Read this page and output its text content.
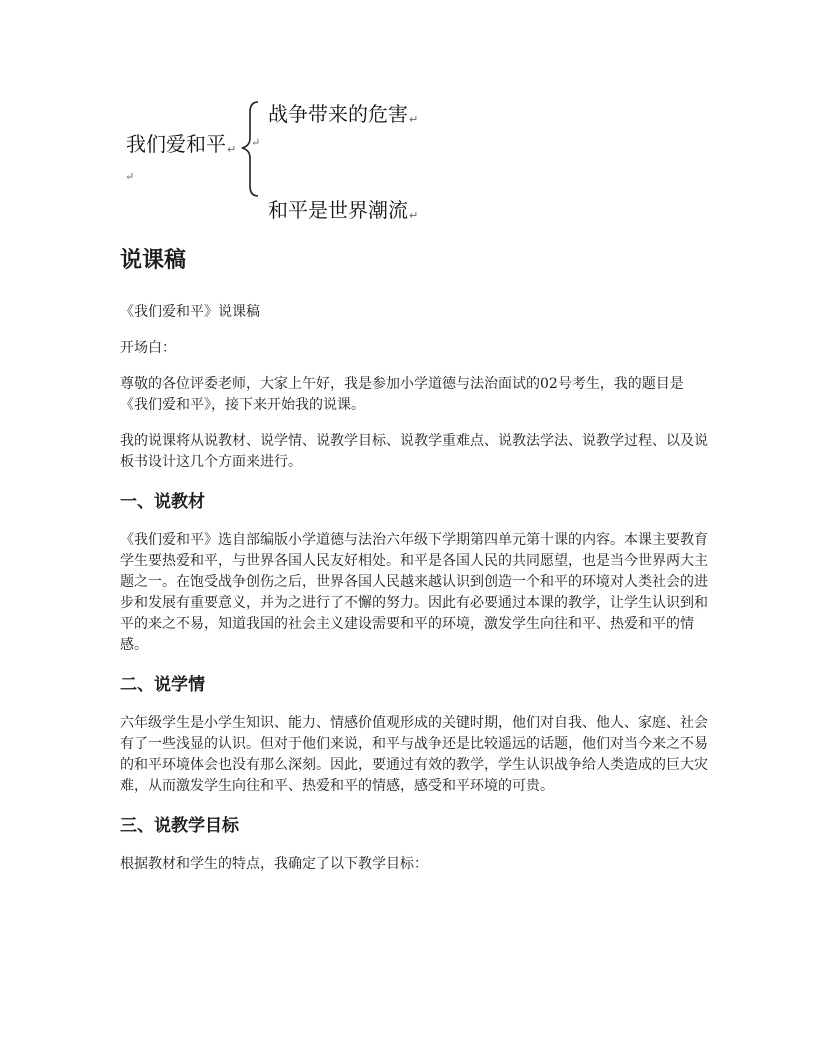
我们爱和平↵
↵
战争带来的危害↵
和平是世界潮流↵
↵
说课稿

《我们爱和平》说课稿

开场白：

尊敬的各位评委老师，大家上午好，我是参加小学道德与法治面试的02号考生，我的题目是《我们爱和平》，接下来开始我的说课。

我的说课将从说教材、说学情、说教学目标、说教学重难点、说教法学法、说教学过程、以及说板书设计这几个方面来进行。

一、说教材

《我们爱和平》选自部编版小学道德与法治六年级下学期第四单元第十课的内容。本课主要教育学生要热爱和平，与世界各国人民友好相处。和平是各国人民的共同愿望，也是当今世界两大主题之一。在饱受战争创伤之后，世界各国人民越来越认识到创造一个和平的环境对人类社会的进步和发展有重要意义，并为之进行了不懈的努力。因此有必要通过本课的教学，让学生认识到和平的来之不易，知道我国的社会主义建设需要和平的环境，激发学生向往和平、热爱和平的情感。

二、说学情

六年级学生是小学生知识、能力、情感价值观形成的关键时期，他们对自我、他人、家庭、社会有了一些浅显的认识。但对于他们来说，和平与战争还是比较遥远的话题，他们对当今来之不易的和平环境体会也没有那么深刻。因此，要通过有效的教学，学生认识战争给人类造成的巨大灾难，从而激发学生向往和平、热爱和平的情感，感受和平环境的可贵。

三、说教学目标

根据教材和学生的特点，我确定了以下教学目标：
